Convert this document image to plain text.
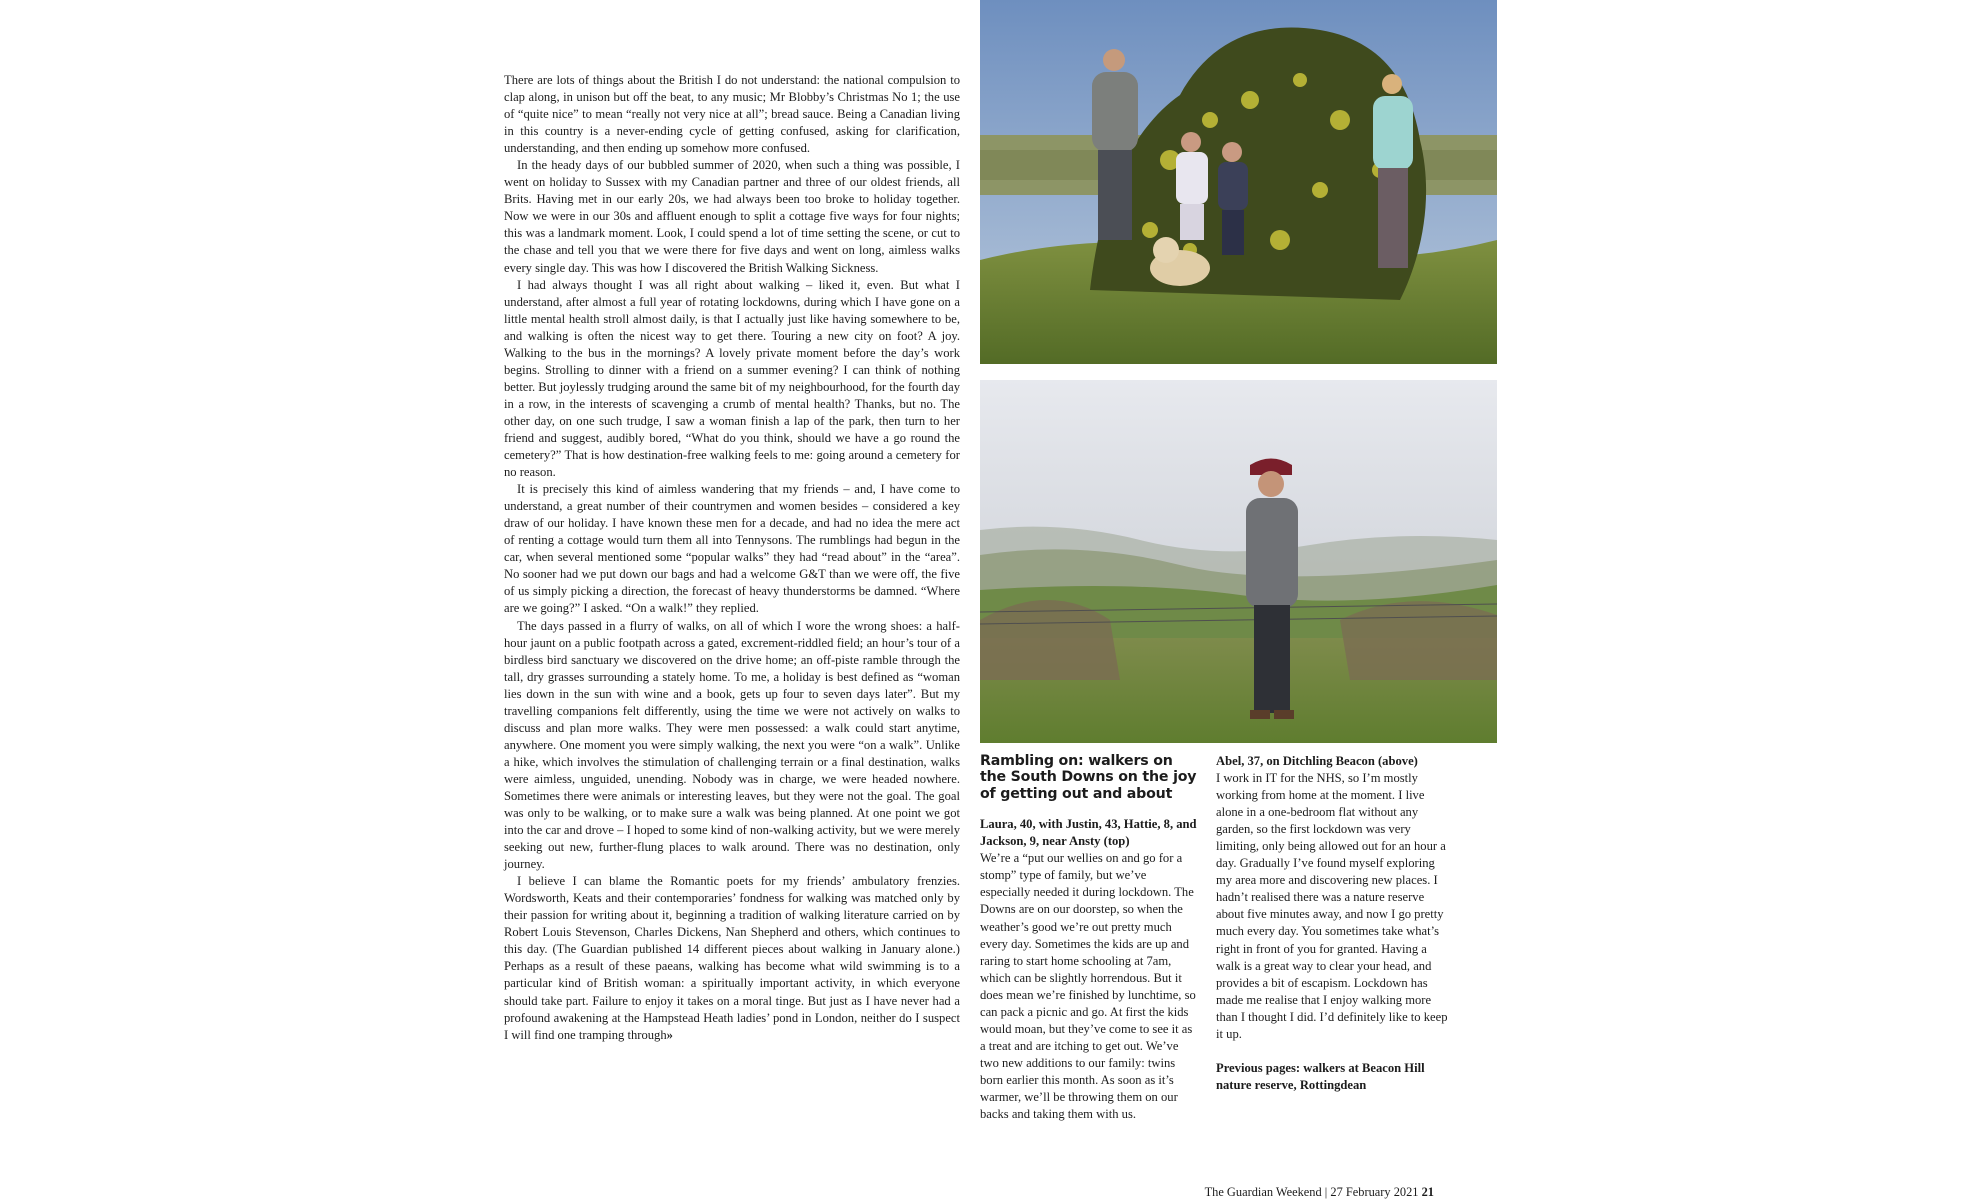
There are lots of things about the British I do not understand: the national compulsion to clap along, in unison but off the beat, to any music; Mr Blobby’s Christmas No 1; the use of “quite nice” to mean “really not very nice at all”; bread sauce. Being a Canadian living in this country is a never-ending cycle of getting confused, asking for clarification, understanding, and then ending up somehow more confused.

In the heady days of our bubbled summer of 2020, when such a thing was possible, I went on holiday to Sussex with my Canadian partner and three of our oldest friends, all Brits. Having met in our early 20s, we had always been too broke to holiday together. Now we were in our 30s and affluent enough to split a cottage five ways for four nights; this was a landmark moment. Look, I could spend a lot of time setting the scene, or cut to the chase and tell you that we were there for five days and went on long, aimless walks every single day. This was how I discovered the British Walking Sickness.

I had always thought I was all right about walking – liked it, even. But what I understand, after almost a full year of rotating lockdowns, during which I have gone on a little mental health stroll almost daily, is that I actually just like having somewhere to be, and walking is often the nicest way to get there. Touring a new city on foot? A joy. Walking to the bus in the mornings? A lovely private moment before the day’s work begins. Strolling to dinner with a friend on a summer evening? I can think of nothing better. But joylessly trudging around the same bit of my neighbourhood, for the fourth day in a row, in the interests of scavenging a crumb of mental health? Thanks, but no. The other day, on one such trudge, I saw a woman finish a lap of the park, then turn to her friend and suggest, audibly bored, “What do you think, should we have a go round the cemetery?” That is how destination-free walking feels to me: going around a cemetery for no reason.

It is precisely this kind of aimless wandering that my friends – and, I have come to understand, a great number of their countrymen and women besides – considered a key draw of our holiday. I have known these men for a decade, and had no idea the mere act of renting a cottage would turn them all into Tennysons. The rumblings had begun in the car, when several mentioned some “popular walks” they had “read about” in the “area”. No sooner had we put down our bags and had a welcome G&T than we were off, the five of us simply picking a direction, the forecast of heavy thunderstorms be damned. “Where are we going?” I asked. “On a walk!” they replied.

The days passed in a flurry of walks, on all of which I wore the wrong shoes: a half-hour jaunt on a public footpath across a gated, excrement-riddled field; an hour’s tour of a birdless bird sanctuary we discovered on the drive home; an off-piste ramble through the tall, dry grasses surrounding a stately home. To me, a holiday is best defined as “woman lies down in the sun with wine and a book, gets up four to seven days later”. But my travelling companions felt differently, using the time we were not actively on walks to discuss and plan more walks. They were men possessed: a walk could start anytime, anywhere. One moment you were simply walking, the next you were “on a walk”. Unlike a hike, which involves the stimulation of challenging terrain or a final destination, walks were aimless, unguided, unending. Nobody was in charge, we were headed nowhere. Sometimes there were animals or interesting leaves, but they were not the goal. The goal was only to be walking, or to make sure a walk was being planned. At one point we got into the car and drove – I hoped to some kind of non-walking activity, but we were merely seeking out new, further-flung places to walk around. There was no destination, only journey.

I believe I can blame the Romantic poets for my friends’ ambulatory frenzies. Wordsworth, Keats and their contemporaries’ fondness for walking was matched only by their passion for writing about it, beginning a tradition of walking literature carried on by Robert Louis Stevenson, Charles Dickens, Nan Shepherd and others, which continues to this day. (The Guardian published 14 different pieces about walking in January alone.) Perhaps as a result of these paeans, walking has become what wild swimming is to a particular kind of British woman: a spiritually important activity, in which everyone should take part. Failure to enjoy it takes on a moral tinge. But just as I have never had a profound awakening at the Hampstead Heath ladies’ pond in London, neither do I suspect I will find one tramping through»

Rambling on: walkers on the South Downs on the joy of getting out and about
Laura, 40, with Justin, 43, Hattie, 8, and Jackson, 9, near Ansty (top)

We’re a “put our wellies on and go for a stomp” type of family, but we’ve especially needed it during lockdown. The Downs are on our doorstep, so when the weather’s good we’re out pretty much every day. Sometimes the kids are up and raring to start home schooling at 7am, which can be slightly horrendous. But it does mean we’re finished by lunchtime, so can pack a picnic and go. At first the kids would moan, but they’ve come to see it as a treat and are itching to get out. We’ve two new additions to our family: twins born earlier this month. As soon as it’s warmer, we’ll be throwing them on our backs and taking them with us.

Abel, 37, on Ditchling Beacon (above)

I work in IT for the NHS, so I’m mostly working from home at the moment. I live alone in a one-bedroom flat without any garden, so the first lockdown was very limiting, only being allowed out for an hour a day. Gradually I’ve found myself exploring my area more and discovering new places. I hadn’t realised there was a nature reserve about five minutes away, and now I go pretty much every day. You sometimes take what’s right in front of you for granted. Having a walk is a great way to clear your head, and provides a bit of escapism. Lockdown has made me realise that I enjoy walking more than I thought I did. I’d definitely like to keep it up.

Previous pages: walkers at Beacon Hill nature reserve, Rottingdean

The Guardian Weekend | 27 February 2021 21
